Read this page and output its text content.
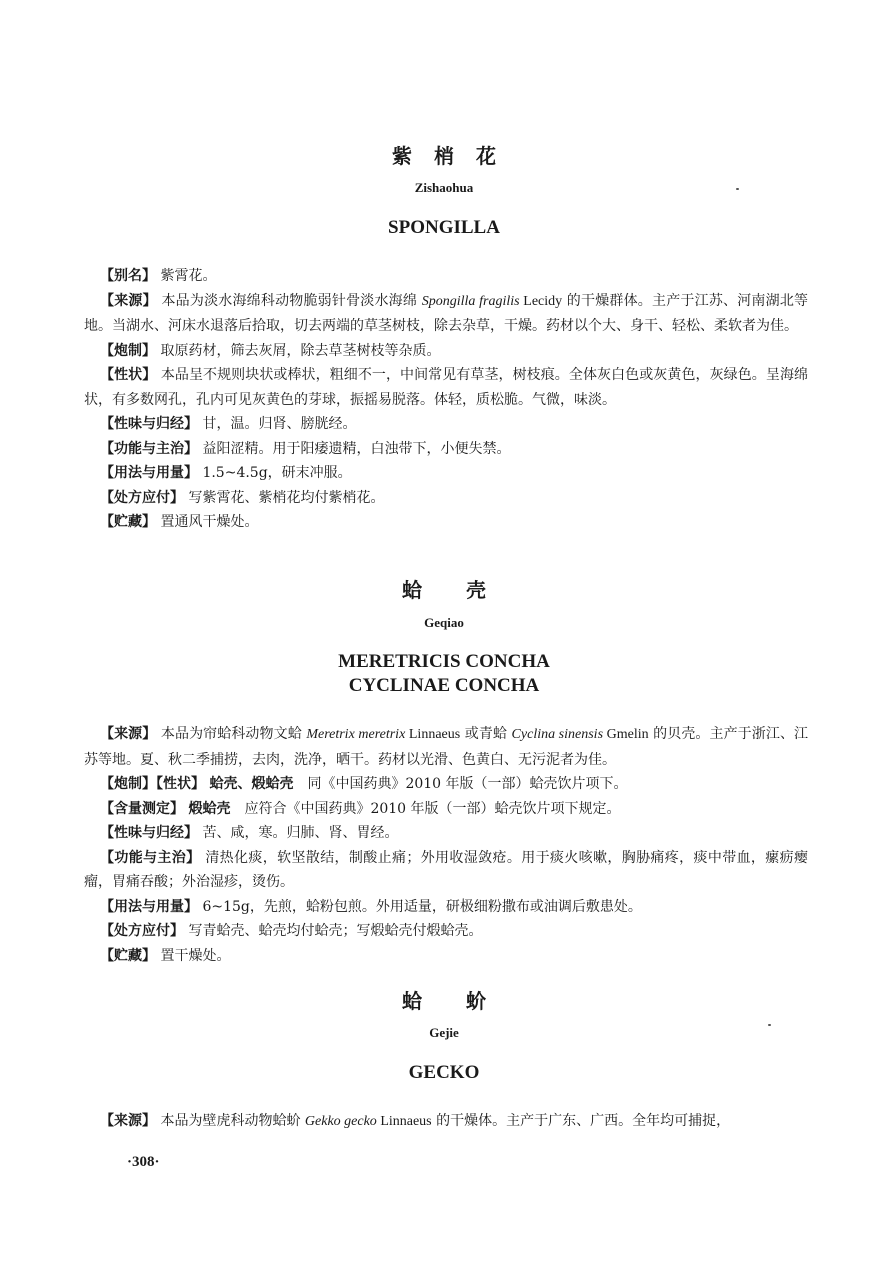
紫梢花
Zishaohua
SPONGILLA

【别名】 紫霄花。

【来源】 本品为淡水海绵科动物脆弱针骨淡水海绵 Spongilla fragilis Lecidy 的干燥群体。主产于江苏、河南湖北等地。当湖水、河床水退落后拾取，切去两端的草茎树枝，除去杂草，干燥。药材以个大、身干、轻松、柔软者为佳。

【炮制】 取原药材，筛去灰屑，除去草茎树枝等杂质。

【性状】 本品呈不规则块状或棒状，粗细不一，中间常见有草茎，树枝痕。全体灰白色或灰黄色，灰绿色。呈海绵状，有多数网孔，孔内可见灰黄色的芽球，振摇易脱落。体轻，质松脆。气微，味淡。

【性味与归经】 甘，温。归肾、膀胱经。

【功能与主治】 益阳涩精。用于阳痿遗精，白浊带下，小便失禁。

【用法与用量】 1.5~4.5g，研末冲服。

【处方应付】 写紫霄花、紫梢花均付紫梢花。

【贮藏】 置通风干燥处。

蛤壳
Geqiao
MERETRICIS CONCHA
CYCLINAE CONCHA

【来源】 本品为帘蛤科动物文蛤 Meretrix meretrix Linnaeus 或青蛤 Cyclina sinensis Gmelin 的贝壳。主产于浙江、江苏等地。夏、秋二季捕捞，去肉，洗净，晒干。药材以光滑、色黄白、无污泥者为佳。

【炮制】【性状】 蛤壳、煅蛤壳　同《中国药典》2010 年版（一部）蛤壳饮片项下。

【含量测定】 煅蛤壳　应符合《中国药典》2010 年版（一部）蛤壳饮片项下规定。

【性味与归经】 苦、咸，寒。归肺、肾、胃经。

【功能与主治】 清热化痰，软坚散结，制酸止痛；外用收湿敛疮。用于痰火咳嗽，胸胁痛疼，痰中带血，瘰疬瘿瘤，胃痛吞酸；外治湿疹，烫伤。

【用法与用量】 6~15g，先煎，蛤粉包煎。外用适量，研极细粉撒布或油调后敷患处。

【处方应付】 写青蛤壳、蛤壳均付蛤壳；写煅蛤壳付煅蛤壳。

【贮藏】 置干燥处。

蛤蚧
Gejie
GECKO

【来源】 本品为壁虎科动物蛤蚧 Gekko gecko Linnaeus 的干燥体。主产于广东、广西。全年均可捕捉，

·308·
